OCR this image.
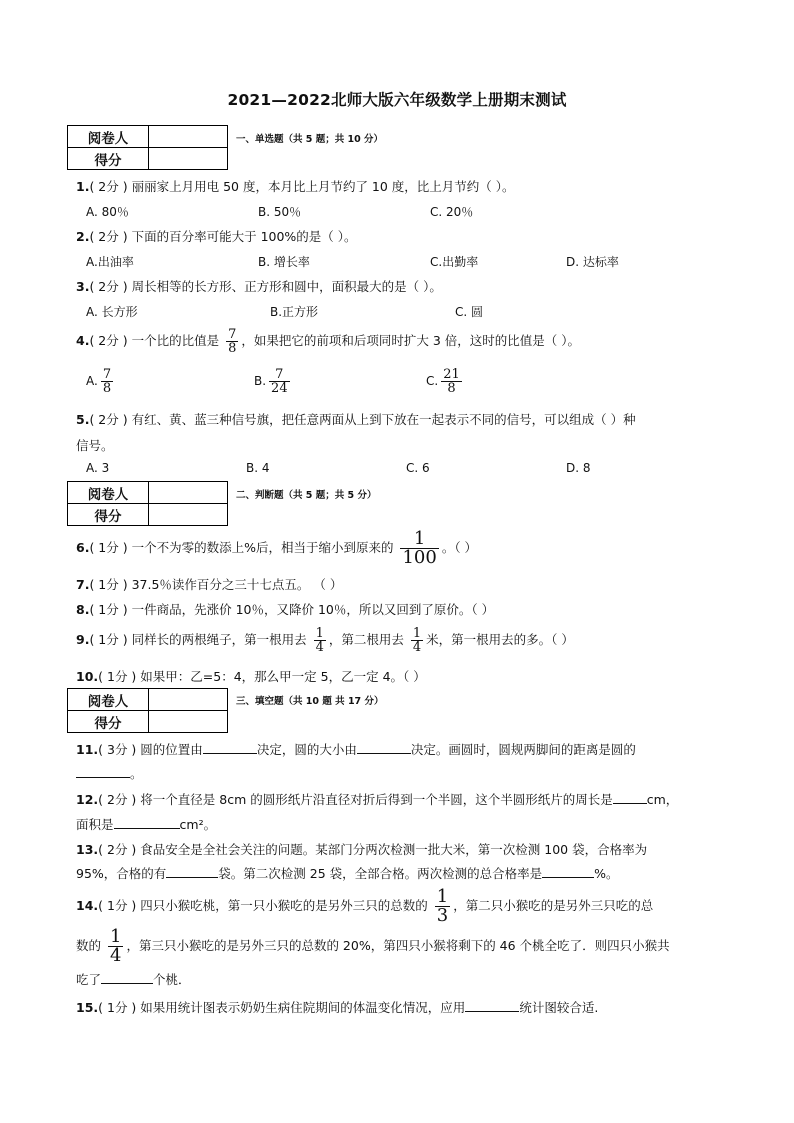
2021—2022北师大版六年级数学上册期末测试
阅卷人	
得分	
一、单选题（共 5 题；共 10 分）
1.( 2分 ) 丽丽家上月用电 50 度，本月比上月节约了 10 度，比上月节约（ ）。
A. 80％	B. 50％	C. 20％
2.( 2分 ) 下面的百分率可能大于 100%的是（ ）。
A.出油率	B. 增长率	C.出勤率	D. 达标率
3.( 2分 ) 周长相等的长方形、正方形和圆中，面积最大的是（ ）。
A. 长方形	B.正方形	C. 圆
4.( 2分 ) 一个比的比值是 $\frac{7}{8}$ ，如果把它的前项和后项同时扩大 3 倍，这时的比值是（ ）。
A. $\frac{7}{8}$	B. $\frac{7}{24}$	C. $\frac{21}{8}$
5.( 2分 ) 有红、黄、蓝三种信号旗，把任意两面从上到下放在一起表示不同的信号，可以组成（ ）种
信号。
A. 3	B. 4	C. 6	D. 8
阅卷人	
得分	
二、判断题（共 5 题；共 5 分）
6.( 1分 ) 一个不为零的数添上%后，相当于缩小到原来的 $\frac{1}{100}$ 。（ ）
7.( 1分 ) 37.5％读作百分之三十七点五。 （ ）
8.( 1分 ) 一件商品，先涨价 10％，又降价 10％，所以又回到了原价。（ ）
9.( 1分 ) 同样长的两根绳子，第一根用去 $\frac{1}{4}$ ，第二根用去 $\frac{1}{4}$ 米，第一根用去的多。（ ）
10.( 1分 ) 如果甲：乙=5：4，那么甲一定 5，乙一定 4。（ ）
阅卷人	
得分	
三、填空题（共 10 题 共 17 分）
11.( 3分 ) 圆的位置由	决定，圆的大小由	决定。画圆时，圆规两脚间的距离是圆的
。
12.( 2分 ) 将一个直径是 8cm 的圆形纸片沿直径对折后得到一个半圆，这个半圆形纸片的周长是	cm，
面积是	cm²。
13.( 2分 ) 食品安全是全社会关注的问题。某部门分两次检测一批大米，第一次检测 100 袋，合格率为
95%，合格的有	袋。第二次检测 25 袋，全部合格。两次检测的总合格率是	%。
14.( 1分 ) 四只小猴吃桃，第一只小猴吃的是另外三只的总数的 $\frac{1}{3}$ ，第二只小猴吃的是另外三只吃的总
数的 $\frac{1}{4}$ ，第三只小猴吃的是另外三只的总数的 20%，第四只小猴将剩下的 46 个桃全吃了．则四只小猴共
吃了	个桃．
15.( 1分 ) 如果用统计图表示奶奶生病住院期间的体温变化情况，应用	统计图较合适.
